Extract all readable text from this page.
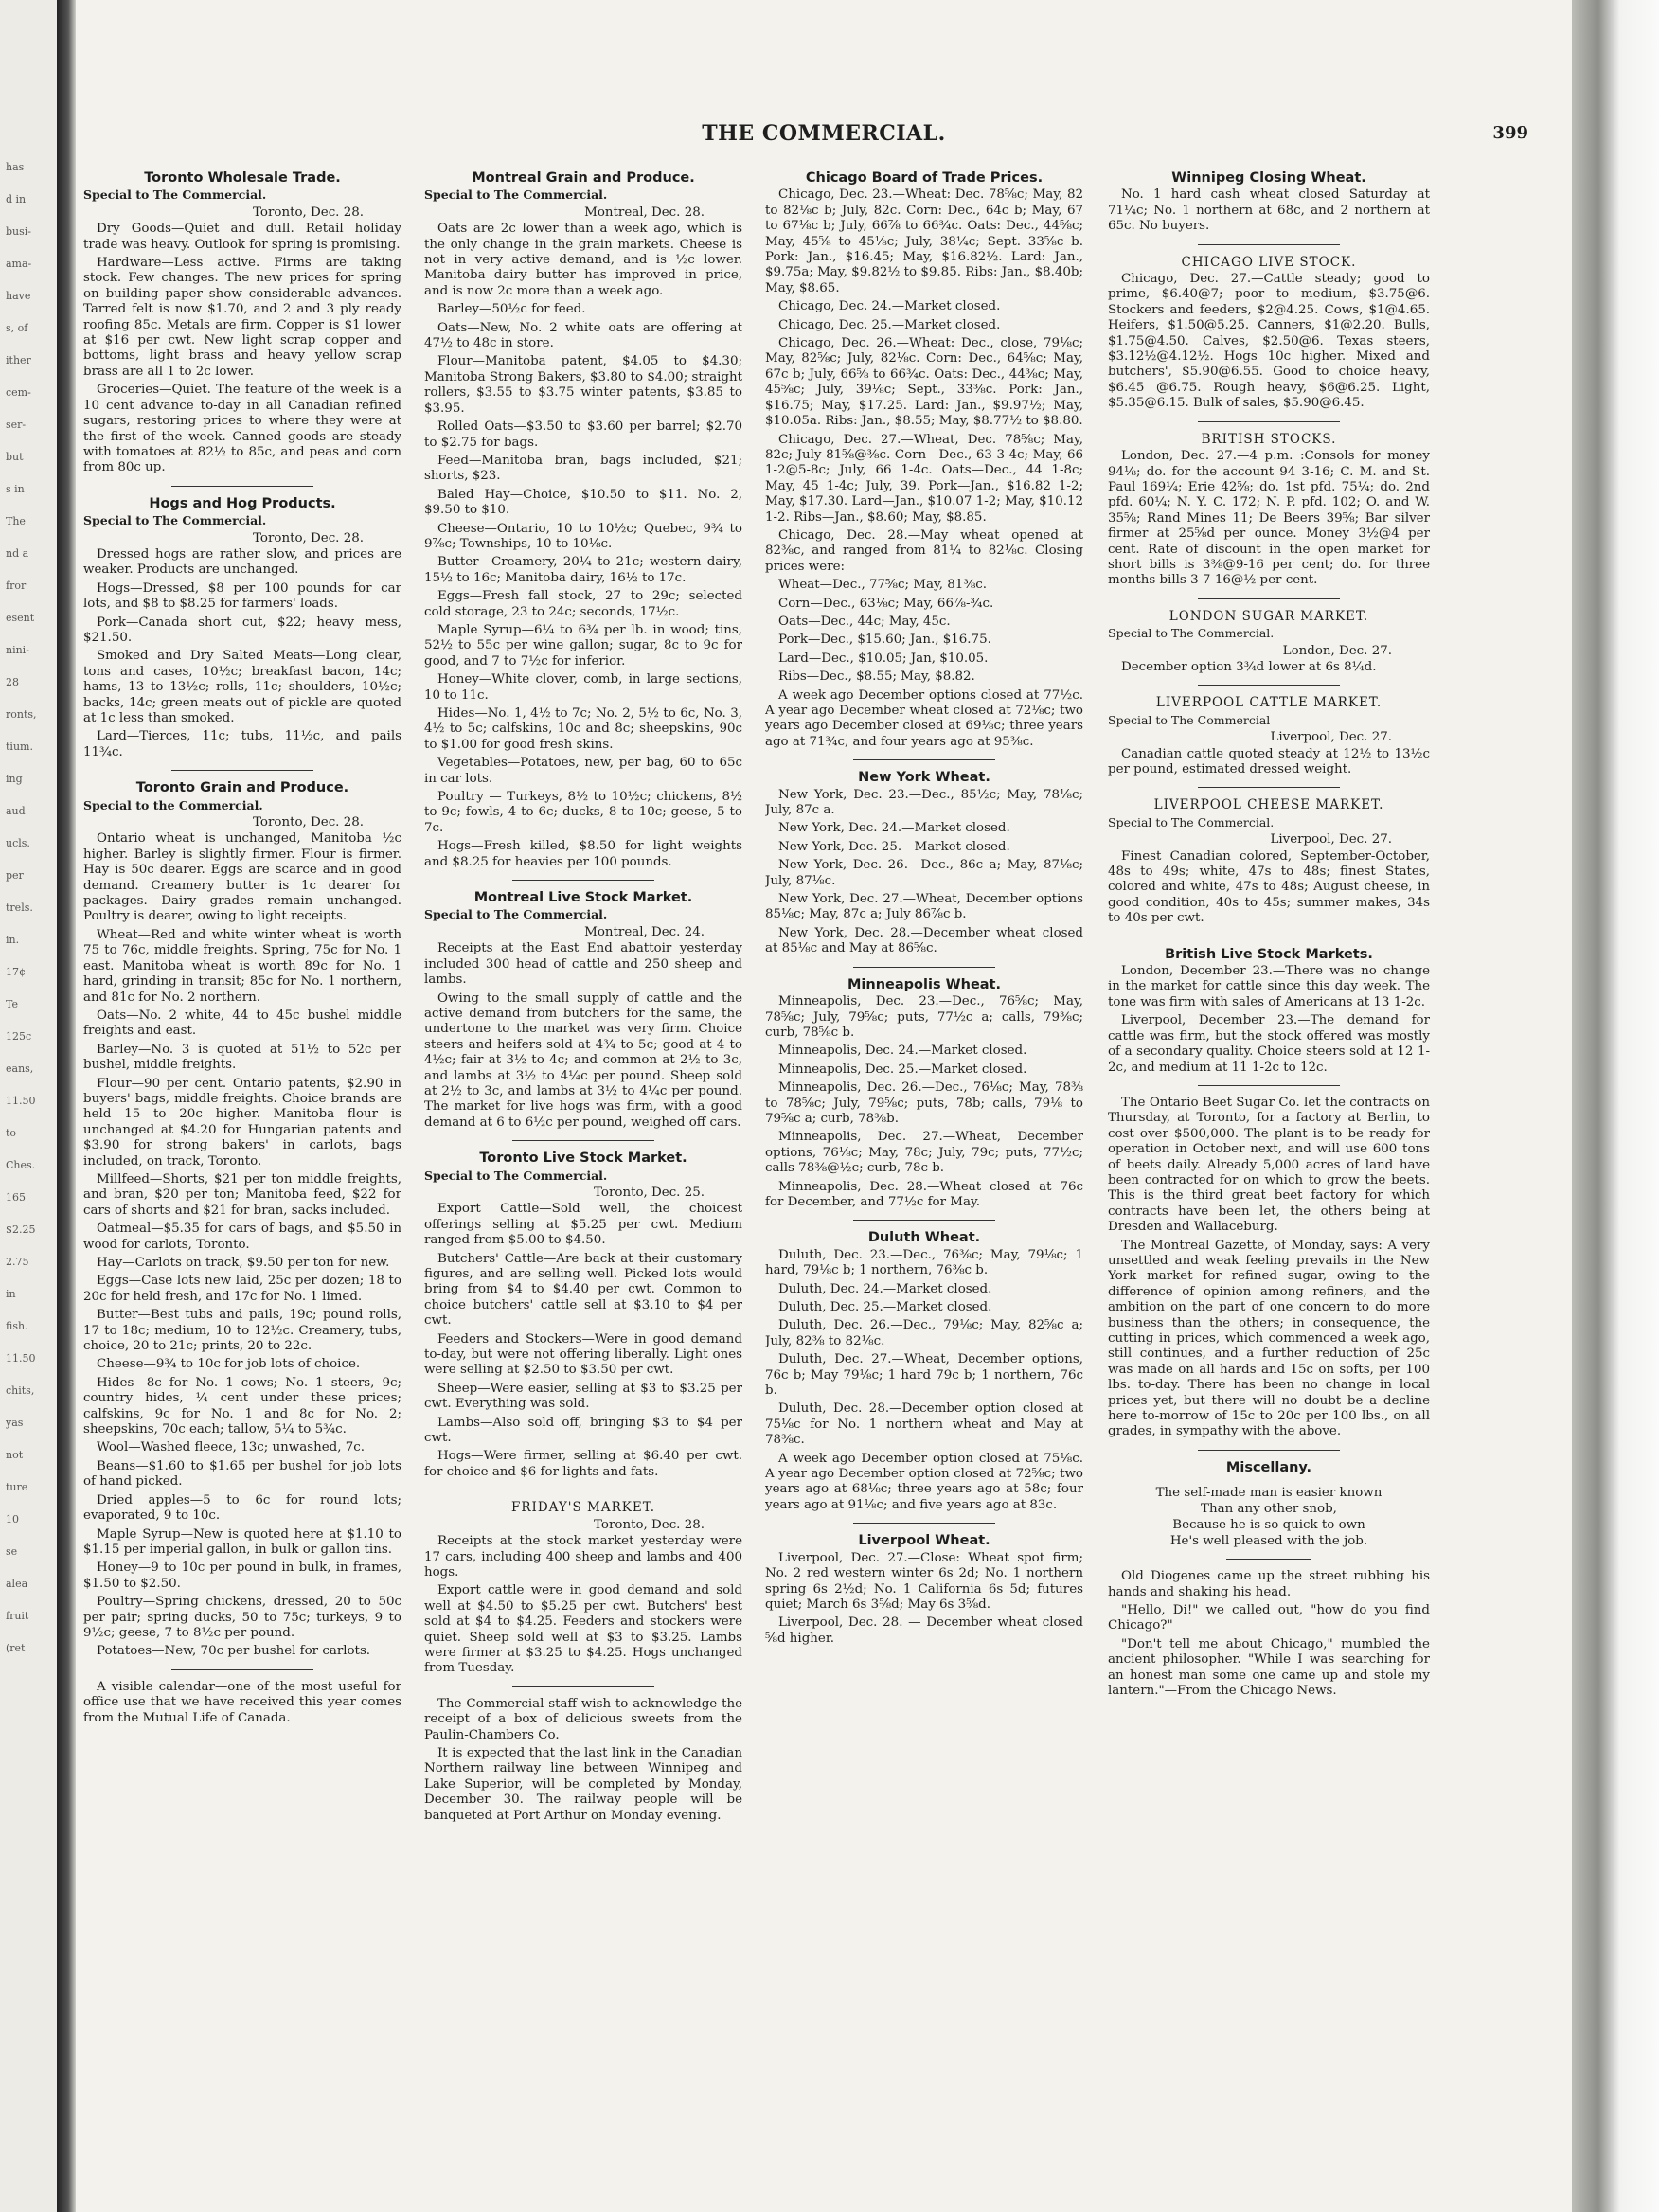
has
d in
busi-
ama-
have
s, of
ither
cem-
ser-
but
s in
The
nd a
fror
esent
nini-
28
ronts,
tium.
ing
aud
ucls.
per
trels.
in.
17¢
Te
125c
eans,
11.50
to
Ches.
165
$2.25
2.75
in
fish.
11.50
chits,
yas
not
ture
10
se
alea
fruit
(ret
THE COMMERCIAL.	399
Toronto Wholesale Trade.
Special to The Commercial.
Toronto, Dec. 28.

Dry Goods—Quiet and dull. Retail holiday trade was heavy. Outlook for spring is promising.

Hardware—Less active. Firms are taking stock. Few changes. The new prices for spring on building paper show considerable advances. Tarred felt is now $1.70, and 2 and 3 ply ready roofing 85c. Metals are firm. Copper is $1 lower at $16 per cwt. New light scrap copper and bottoms, light brass and heavy yellow scrap brass are all 1 to 2c lower.

Groceries—Quiet. The feature of the week is a 10 cent advance to-day in all Canadian refined sugars, restoring prices to where they were at the first of the week. Canned goods are steady with tomatoes at 82½ to 85c, and peas and corn from 80c up.

Hogs and Hog Products.
Special to The Commercial.
Toronto, Dec. 28.

Dressed hogs are rather slow, and prices are weaker. Products are unchanged.

Hogs—Dressed, $8 per 100 pounds for car lots, and $8 to $8.25 for farmers' loads.

Pork—Canada short cut, $22; heavy mess, $21.50.

Smoked and Dry Salted Meats—Long clear, tons and cases, 10½c; breakfast bacon, 14c; hams, 13 to 13½c; rolls, 11c; shoulders, 10½c; backs, 14c; green meats out of pickle are quoted at 1c less than smoked.

Lard—Tierces, 11c; tubs, 11½c, and pails 11¾c.

Toronto Grain and Produce.
Special to the Commercial.
Toronto, Dec. 28.

Ontario wheat is unchanged, Manitoba ½c higher. Barley is slightly firmer. Flour is firmer. Hay is 50c dearer. Eggs are scarce and in good demand. Creamery butter is 1c dearer for packages. Dairy grades remain unchanged. Poultry is dearer, owing to light receipts.

Wheat—Red and white winter wheat is worth 75 to 76c, middle freights. Spring, 75c for No. 1 east. Manitoba wheat is worth 89c for No. 1 hard, grinding in transit; 85c for No. 1 northern, and 81c for No. 2 northern.

Oats—No. 2 white, 44 to 45c bushel middle freights and east.

Barley—No. 3 is quoted at 51½ to 52c per bushel, middle freights.

Flour—90 per cent. Ontario patents, $2.90 in buyers' bags, middle freights. Choice brands are held 15 to 20c higher. Manitoba flour is unchanged at $4.20 for Hungarian patents and $3.90 for strong bakers' in carlots, bags included, on track, Toronto.

Millfeed—Shorts, $21 per ton middle freights, and bran, $20 per ton; Manitoba feed, $22 for cars of shorts and $21 for bran, sacks included.

Oatmeal—$5.35 for cars of bags, and $5.50 in wood for carlots, Toronto.

Hay—Carlots on track, $9.50 per ton for new.

Eggs—Case lots new laid, 25c per dozen; 18 to 20c for held fresh, and 17c for No. 1 limed.

Butter—Best tubs and pails, 19c; pound rolls, 17 to 18c; medium, 10 to 12½c. Creamery, tubs, choice, 20 to 21c; prints, 20 to 22c.

Cheese—9¾ to 10c for job lots of choice.

Hides—8c for No. 1 cows; No. 1 steers, 9c; country hides, ¼ cent under these prices; calfskins, 9c for No. 1 and 8c for No. 2; sheepskins, 70c each; tallow, 5¼ to 5¾c.

Wool—Washed fleece, 13c; unwashed, 7c.

Beans—$1.60 to $1.65 per bushel for job lots of hand picked.

Dried apples—5 to 6c for round lots; evaporated, 9 to 10c.

Maple Syrup—New is quoted here at $1.10 to $1.15 per imperial gallon, in bulk or gallon tins.

Honey—9 to 10c per pound in bulk, in frames, $1.50 to $2.50.

Poultry—Spring chickens, dressed, 20 to 50c per pair; spring ducks, 50 to 75c; turkeys, 9 to 9½c; geese, 7 to 8½c per pound.

Potatoes—New, 70c per bushel for carlots.

A visible calendar—one of the most useful for office use that we have received this year comes from the Mutual Life of Canada.

Montreal Grain and Produce.
Special to The Commercial.
Montreal, Dec. 28.

Oats are 2c lower than a week ago, which is the only change in the grain markets. Cheese is not in very active demand, and is ½c lower. Manitoba dairy butter has improved in price, and is now 2c more than a week ago.

Barley—50½c for feed.

Oats—New, No. 2 white oats are offering at 47½ to 48c in store.

Flour—Manitoba patent, $4.05 to $4.30; Manitoba Strong Bakers, $3.80 to $4.00; straight rollers, $3.55 to $3.75 winter patents, $3.85 to $3.95.

Rolled Oats—$3.50 to $3.60 per barrel; $2.70 to $2.75 for bags.

Feed—Manitoba bran, bags included, $21; shorts, $23.

Baled Hay—Choice, $10.50 to $11. No. 2, $9.50 to $10.

Cheese—Ontario, 10 to 10½c; Quebec, 9¾ to 9⅞c; Townships, 10 to 10⅛c.

Butter—Creamery, 20¼ to 21c; western dairy, 15½ to 16c; Manitoba dairy, 16½ to 17c.

Eggs—Fresh fall stock, 27 to 29c; selected cold storage, 23 to 24c; seconds, 17½c.

Maple Syrup—6¼ to 6¾ per lb. in wood; tins, 52½ to 55c per wine gallon; sugar, 8c to 9c for good, and 7 to 7½c for inferior.

Honey—White clover, comb, in large sections, 10 to 11c.

Hides—No. 1, 4½ to 7c; No. 2, 5½ to 6c, No. 3, 4½ to 5c; calfskins, 10c and 8c; sheepskins, 90c to $1.00 for good fresh skins.

Vegetables—Potatoes, new, per bag, 60 to 65c in car lots.

Poultry — Turkeys, 8½ to 10½c; chickens, 8½ to 9c; fowls, 4 to 6c; ducks, 8 to 10c; geese, 5 to 7c.

Hogs—Fresh killed, $8.50 for light weights and $8.25 for heavies per 100 pounds.

Montreal Live Stock Market.
Special to The Commercial.
Montreal, Dec. 24.

Receipts at the East End abattoir yesterday included 300 head of cattle and 250 sheep and lambs.

Owing to the small supply of cattle and the active demand from butchers for the same, the undertone to the market was very firm. Choice steers and heifers sold at 4¾ to 5c; good at 4 to 4½c; fair at 3½ to 4c; and common at 2½ to 3c, and lambs at 3½ to 4¼c per pound. Sheep sold at 2½ to 3c, and lambs at 3½ to 4¼c per pound. The market for live hogs was firm, with a good demand at 6 to 6½c per pound, weighed off cars.

Toronto Live Stock Market.
Special to The Commercial.
Toronto, Dec. 25.

Export Cattle—Sold well, the choicest offerings selling at $5.25 per cwt. Medium ranged from $5.00 to $4.50.

Butchers' Cattle—Are back at their customary figures, and are selling well. Picked lots would bring from $4 to $4.40 per cwt. Common to choice butchers' cattle sell at $3.10 to $4 per cwt.

Feeders and Stockers—Were in good demand to-day, but were not offering liberally. Light ones were selling at $2.50 to $3.50 per cwt.

Sheep—Were easier, selling at $3 to $3.25 per cwt. Everything was sold.

Lambs—Also sold off, bringing $3 to $4 per cwt.

Hogs—Were firmer, selling at $6.40 per cwt. for choice and $6 for lights and fats.

FRIDAY'S MARKET.
Toronto, Dec. 28.

Receipts at the stock market yesterday were 17 cars, including 400 sheep and lambs and 400 hogs.

Export cattle were in good demand and sold well at $4.50 to $5.25 per cwt. Butchers' best sold at $4 to $4.25. Feeders and stockers were quiet. Sheep sold well at $3 to $3.25. Lambs were firmer at $3.25 to $4.25. Hogs unchanged from Tuesday.

The Commercial staff wish to acknowledge the receipt of a box of delicious sweets from the Paulin-Chambers Co.

It is expected that the last link in the Canadian Northern railway line between Winnipeg and Lake Superior, will be completed by Monday, December 30. The railway people will be banqueted at Port Arthur on Monday evening.

Chicago Board of Trade Prices.

Chicago, Dec. 23.—Wheat: Dec. 78⅝c; May, 82 to 82⅛c b; July, 82c. Corn: Dec., 64c b; May, 67 to 67⅛c b; July, 66⅞ to 66¾c. Oats: Dec., 44⅝c; May, 45⅝ to 45⅛c; July, 38¼c; Sept. 33⅝c b. Pork: Jan., $16.45; May, $16.82½. Lard: Jan., $9.75a; May, $9.82½ to $9.85. Ribs: Jan., $8.40b; May, $8.65.

Chicago, Dec. 24.—Market closed.

Chicago, Dec. 25.—Market closed.

Chicago, Dec. 26.—Wheat: Dec., close, 79⅛c; May, 82⅝c; July, 82⅛c. Corn: Dec., 64⅝c; May, 67c b; July, 66⅝ to 66¾c. Oats: Dec., 44⅜c; May, 45⅝c; July, 39⅛c; Sept., 33⅜c. Pork: Jan., $16.75; May, $17.25. Lard: Jan., $9.97½; May, $10.05a. Ribs: Jan., $8.55; May, $8.77½ to $8.80.

Chicago, Dec. 27.—Wheat, Dec. 78⅝c; May, 82c; July 81⅝@⅜c. Corn—Dec., 63 3-4c; May, 66 1-2@5-8c; July, 66 1-4c. Oats—Dec., 44 1-8c; May, 45 1-4c; July, 39. Pork—Jan., $16.82 1-2; May, $17.30. Lard—Jan., $10.07 1-2; May, $10.12 1-2. Ribs—Jan., $8.60; May, $8.85.

Chicago, Dec. 28.—May wheat opened at 82⅜c, and ranged from 81¼ to 82⅛c. Closing prices were:

Wheat—Dec., 77⅝c; May, 81⅜c.

Corn—Dec., 63⅛c; May, 66⅞-¾c.

Oats—Dec., 44c; May, 45c.

Pork—Dec., $15.60; Jan., $16.75.

Lard—Dec., $10.05; Jan, $10.05.

Ribs—Dec., $8.55; May, $8.82.

A week ago December options closed at 77½c. A year ago December wheat closed at 72⅛c; two years ago December closed at 69⅛c; three years ago at 71¾c, and four years ago at 95⅜c.

New York Wheat.

New York, Dec. 23.—Dec., 85½c; May, 78⅛c; July, 87c a.

New York, Dec. 24.—Market closed.

New York, Dec. 25.—Market closed.

New York, Dec. 26.—Dec., 86c a; May, 87⅛c; July, 87⅛c.

New York, Dec. 27.—Wheat, December options 85⅛c; May, 87c a; July 86⅞c b.

New York, Dec. 28.—December wheat closed at 85⅛c and May at 86⅝c.

Minneapolis Wheat.

Minneapolis, Dec. 23.—Dec., 76⅝c; May, 78⅝c; July, 79⅝c; puts, 77½c a; calls, 79⅜c; curb, 78⅝c b.

Minneapolis, Dec. 24.—Market closed.

Minneapolis, Dec. 25.—Market closed.

Minneapolis, Dec. 26.—Dec., 76⅛c; May, 78⅜ to 78⅝c; July, 79⅝c; puts, 78b; calls, 79⅛ to 79⅝c a; curb, 78⅜b.

Minneapolis, Dec. 27.—Wheat, December options, 76⅛c; May, 78c; July, 79c; puts, 77½c; calls 78⅜@½c; curb, 78c b.

Minneapolis, Dec. 28.—Wheat closed at 76c for December, and 77½c for May.

Duluth Wheat.

Duluth, Dec. 23.—Dec., 76⅜c; May, 79⅛c; 1 hard, 79⅛c b; 1 northern, 76⅜c b.

Duluth, Dec. 24.—Market closed.

Duluth, Dec. 25.—Market closed.

Duluth, Dec. 26.—Dec., 79⅛c; May, 82⅝c a; July, 82⅜ to 82⅛c.

Duluth, Dec. 27.—Wheat, December options, 76c b; May 79⅛c; 1 hard 79c b; 1 northern, 76c b.

Duluth, Dec. 28.—December option closed at 75⅛c for No. 1 northern wheat and May at 78⅜c.

A week ago December option closed at 75⅛c. A year ago December option closed at 72⅝c; two years ago at 68⅛c; three years ago at 58c; four years ago at 91⅛c; and five years ago at 83c.

Liverpool Wheat.

Liverpool, Dec. 27.—Close: Wheat spot firm; No. 2 red western winter 6s 2d; No. 1 northern spring 6s 2½d; No. 1 California 6s 5d; futures quiet; March 6s 3⅝d; May 6s 3⅝d.

Liverpool, Dec. 28. — December wheat closed ⅝d higher.

Winnipeg Closing Wheat.

No. 1 hard cash wheat closed Saturday at 71¼c; No. 1 northern at 68c, and 2 northern at 65c. No buyers.

CHICAGO LIVE STOCK.

Chicago, Dec. 27.—Cattle steady; good to prime, $6.40@7; poor to medium, $3.75@6. Stockers and feeders, $2@4.25. Cows, $1@4.65. Heifers, $1.50@5.25. Canners, $1@2.20. Bulls, $1.75@4.50. Calves, $2.50@6. Texas steers, $3.12½@4.12½. Hogs 10c higher. Mixed and butchers', $5.90@6.55. Good to choice heavy, $6.45 @6.75. Rough heavy, $6@6.25. Light, $5.35@6.15. Bulk of sales, $5.90@6.45.

BRITISH STOCKS.

London, Dec. 27.—4 p.m. :Consols for money 94⅛; do. for the account 94 3-16; C. M. and St. Paul 169¼; Erie 42⅝; do. 1st pfd. 75¼; do. 2nd pfd. 60¼; N. Y. C. 172; N. P. pfd. 102; O. and W. 35⅝; Rand Mines 11; De Beers 39⅝; Bar silver firmer at 25⅝d per ounce. Money 3½@4 per cent. Rate of discount in the open market for short bills is 3⅜@9-16 per cent; do. for three months bills 3 7-16@½ per cent.

LONDON SUGAR MARKET.
Special to The Commercial.
London, Dec. 27.

December option 3¾d lower at 6s 8¼d.

LIVERPOOL CATTLE MARKET.
Special to The Commercial
Liverpool, Dec. 27.

Canadian cattle quoted steady at 12½ to 13½c per pound, estimated dressed weight.

LIVERPOOL CHEESE MARKET.
Special to The Commercial.
Liverpool, Dec. 27.

Finest Canadian colored, September-October, 48s to 49s; white, 47s to 48s; finest States, colored and white, 47s to 48s; August cheese, in good condition, 40s to 45s; summer makes, 34s to 40s per cwt.

British Live Stock Markets.

London, December 23.—There was no change in the market for cattle since this day week. The tone was firm with sales of Americans at 13 1-2c.

Liverpool, December 23.—The demand for cattle was firm, but the stock offered was mostly of a secondary quality. Choice steers sold at 12 1-2c, and medium at 11 1-2c to 12c.

The Ontario Beet Sugar Co. let the contracts on Thursday, at Toronto, for a factory at Berlin, to cost over $500,000. The plant is to be ready for operation in October next, and will use 600 tons of beets daily. Already 5,000 acres of land have been contracted for on which to grow the beets. This is the third great beet factory for which contracts have been let, the others being at Dresden and Wallaceburg.

The Montreal Gazette, of Monday, says: A very unsettled and weak feeling prevails in the New York market for refined sugar, owing to the difference of opinion among refiners, and the ambition on the part of one concern to do more business than the others; in consequence, the cutting in prices, which commenced a week ago, still continues, and a further reduction of 25c was made on all hards and 15c on softs, per 100 lbs. to-day. There has been no change in local prices yet, but there will no doubt be a decline here to-morrow of 15c to 20c per 100 lbs., on all grades, in sympathy with the above.

Miscellany.
The self-made man is easier known
Than any other snob,
Because he is so quick to own
He's well pleased with the job.

Old Diogenes came up the street rubbing his hands and shaking his head.

"Hello, Di!" we called out, "how do you find Chicago?"

"Don't tell me about Chicago," mumbled the ancient philosopher. "While I was searching for an honest man some one came up and stole my lantern."—From the Chicago News.
